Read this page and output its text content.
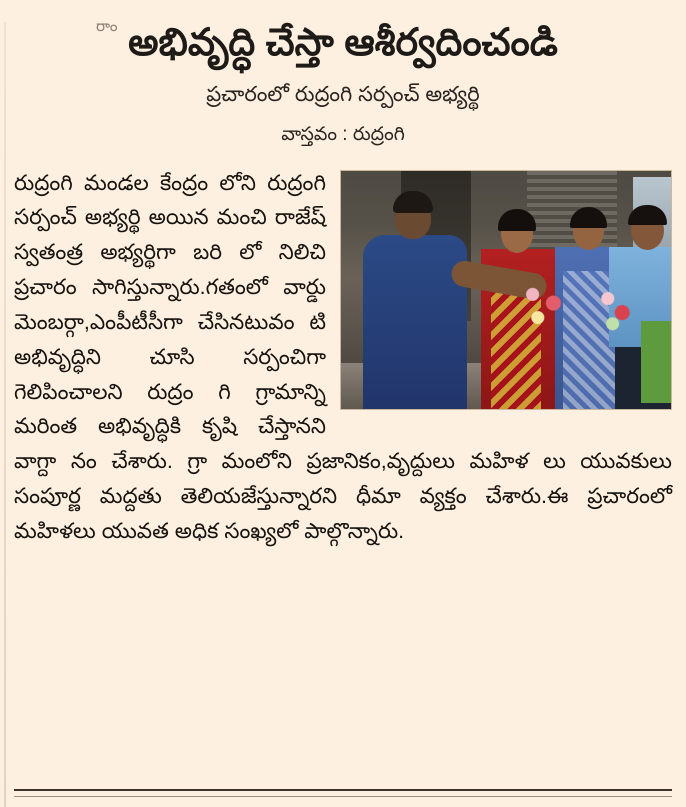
రాం అభివృద్ధి చేస్తా ఆశీర్వదించండి
ప్రచారంలో రుద్రంగి సర్పంచ్ అభ్యర్థి
వాస్తవం : రుద్రంగి
రుద్రంగి మండల కేంద్రం లోని రుద్రంగి సర్పంచ్ అభ్యర్థి అయిన మంచి రాజేష్ స్వతంత్ర అభ్యర్థిగా బరి లో నిలిచి ప్రచారం సాగిస్తున్నారు.గతంలో వార్డు మెంబర్గా,ఎంపీటీసీగా చేసినటువం టి అభివృద్ధిని చూసి సర్పంచిగా గెలిపించాలని రుద్రం గి గ్రామాన్ని మరింత అభివృద్ధికి కృషి చేస్తానని వాగ్దా నం చేశారు. గ్రా మంలోని ప్రజానికం,వృద్దులు మహిళ లు యువకులు సంపూర్ణ మద్దతు తెలియజేస్తున్నారని ధీమా వ్యక్తం చేశారు.ఈ ప్రచారంలో మహిళలు యువత అధిక సంఖ్యలో పాల్గొన్నారు.
